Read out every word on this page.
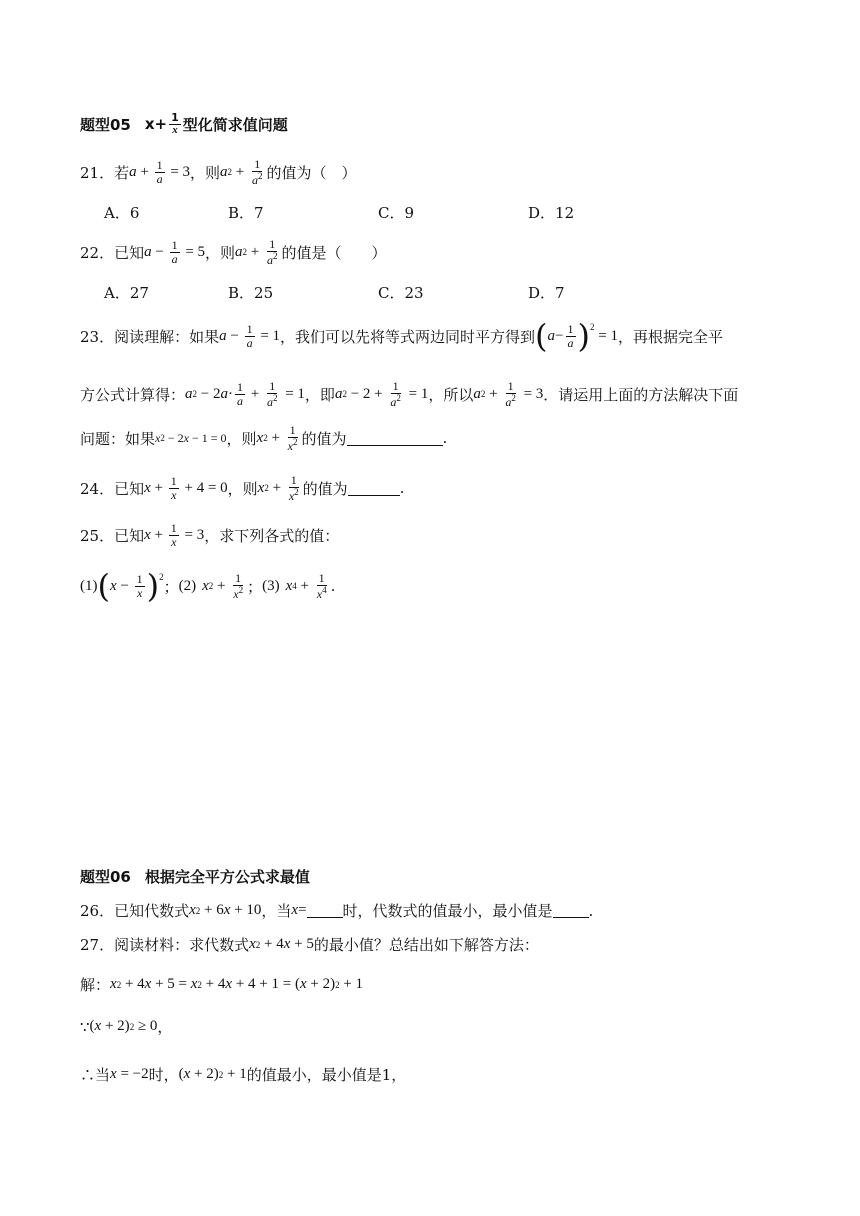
题型05 $x+ \frac{1}{x}$ 型化简求值问题
21．若 $a + \frac{1}{a} = 3$ ，则 a $2 + \frac{1}{a^2}$ 的值为（　）
A．6	B．7	C．9	D．12
22．已知 $a - \frac{1}{a} = 5$ ，则 a $2 + \frac{1}{a^2}$ 的值是（　　）
A．27	B．25	C．23	D．7
23．阅读理解：如果 $a - \frac{1}{a} = 1$ ，我们可以先将等式两边同时平方得到 ( $a - \frac{1}{a} )^2$
= 1 ，再根据完全平
方公式计算得： a 2 − 2 $a \cdot \frac{1}{a} + \frac{1}{a^2} = 1$ ，即 a $2 - 2 + \frac{1}{a^2} = 1$ ，所以 a $2 + \frac{1}{a^2} = 3$ ．请运用上面的方法解决下面
问题：如果 x 2 − 2 x − 1 = 0 ，则 x $2 + \frac{1}{x^2}$ 的值为	.
24．已知 $x + \frac{1}{x} + 4 = 0$ ，则 x $2 + \frac{1}{x^2}$ 的值为	.
25．已知 $x + \frac{1}{x} = 3$ ，求下列各式的值：
(1) ( $x - \frac{1}{x} )^2$
； (2) x $2 + \frac{1}{x^2}$ ； (3) x $4 + \frac{1}{x^4}$ .
题型06 根据完全平方公式求最值
26．已知代数式 x 2 + 6 x + 10 ，当 x = 时，代数式的值最小，最小值是 .
27．阅读材料：求代数式 x 2 + 4 x + 5 的最小值？总结出如下解答方法：
解： x 2 + 4 x + 5 = x 2 + 4 x + 4 + 1 = ( x + 2) 2 + 1
∵ ( x + 2) 2 ≥ 0 ，
∴当 x = −2 时， ( x + 2) 2 + 1 的值最小，最小值是1，
